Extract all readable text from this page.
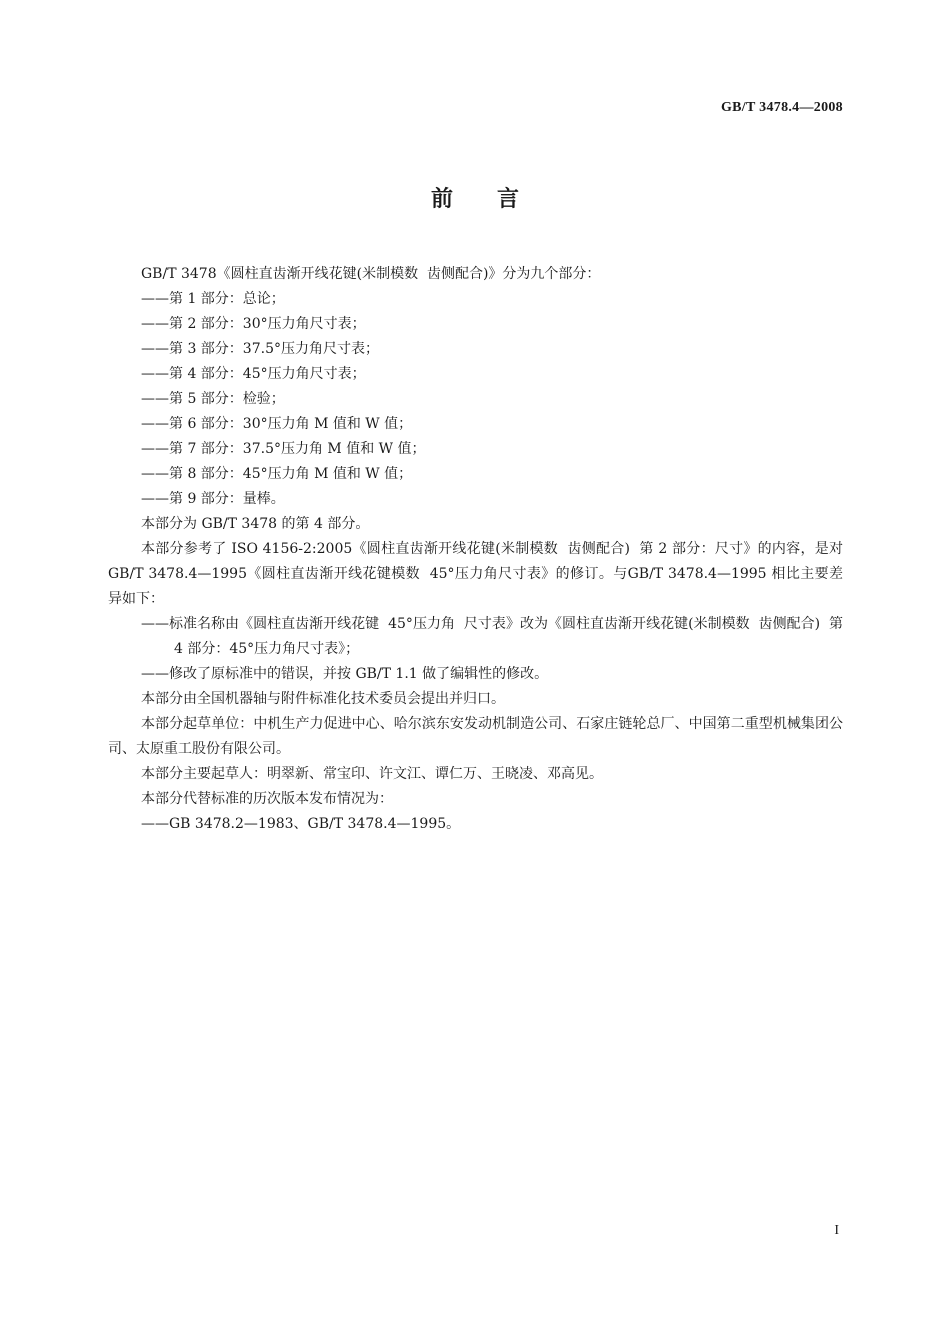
GB/T 3478.4—2008
前言

GB/T 3478《圆柱直齿渐开线花键(米制模数  齿侧配合)》分为九个部分：

——第 1 部分：总论；

——第 2 部分：30°压力角尺寸表；

——第 3 部分：37.5°压力角尺寸表；

——第 4 部分：45°压力角尺寸表；

——第 5 部分：检验；

——第 6 部分：30°压力角 M 值和 W 值；

——第 7 部分：37.5°压力角 M 值和 W 值；

——第 8 部分：45°压力角 M 值和 W 值；

——第 9 部分：量棒。

本部分为 GB/T 3478 的第 4 部分。

本部分参考了 ISO 4156-2:2005《圆柱直齿渐开线花键(米制模数  齿侧配合)  第 2 部分：尺寸》的内容，是对 GB/T 3478.4—1995《圆柱直齿渐开线花键模数  45°压力角尺寸表》的修订。与GB/T 3478.4—1995 相比主要差异如下：

——标准名称由《圆柱直齿渐开线花键  45°压力角  尺寸表》改为《圆柱直齿渐开线花键(米制模数  齿侧配合)  第 4 部分：45°压力角尺寸表》；

——修改了原标准中的错误，并按 GB/T 1.1 做了编辑性的修改。

本部分由全国机器轴与附件标准化技术委员会提出并归口。

本部分起草单位：中机生产力促进中心、哈尔滨东安发动机制造公司、石家庄链轮总厂、中国第二重型机械集团公司、太原重工股份有限公司。

本部分主要起草人：明翠新、常宝印、许文江、谭仁万、王晓凌、邓高见。

本部分代替标准的历次版本发布情况为：

——GB 3478.2—1983、GB/T 3478.4—1995。

I
